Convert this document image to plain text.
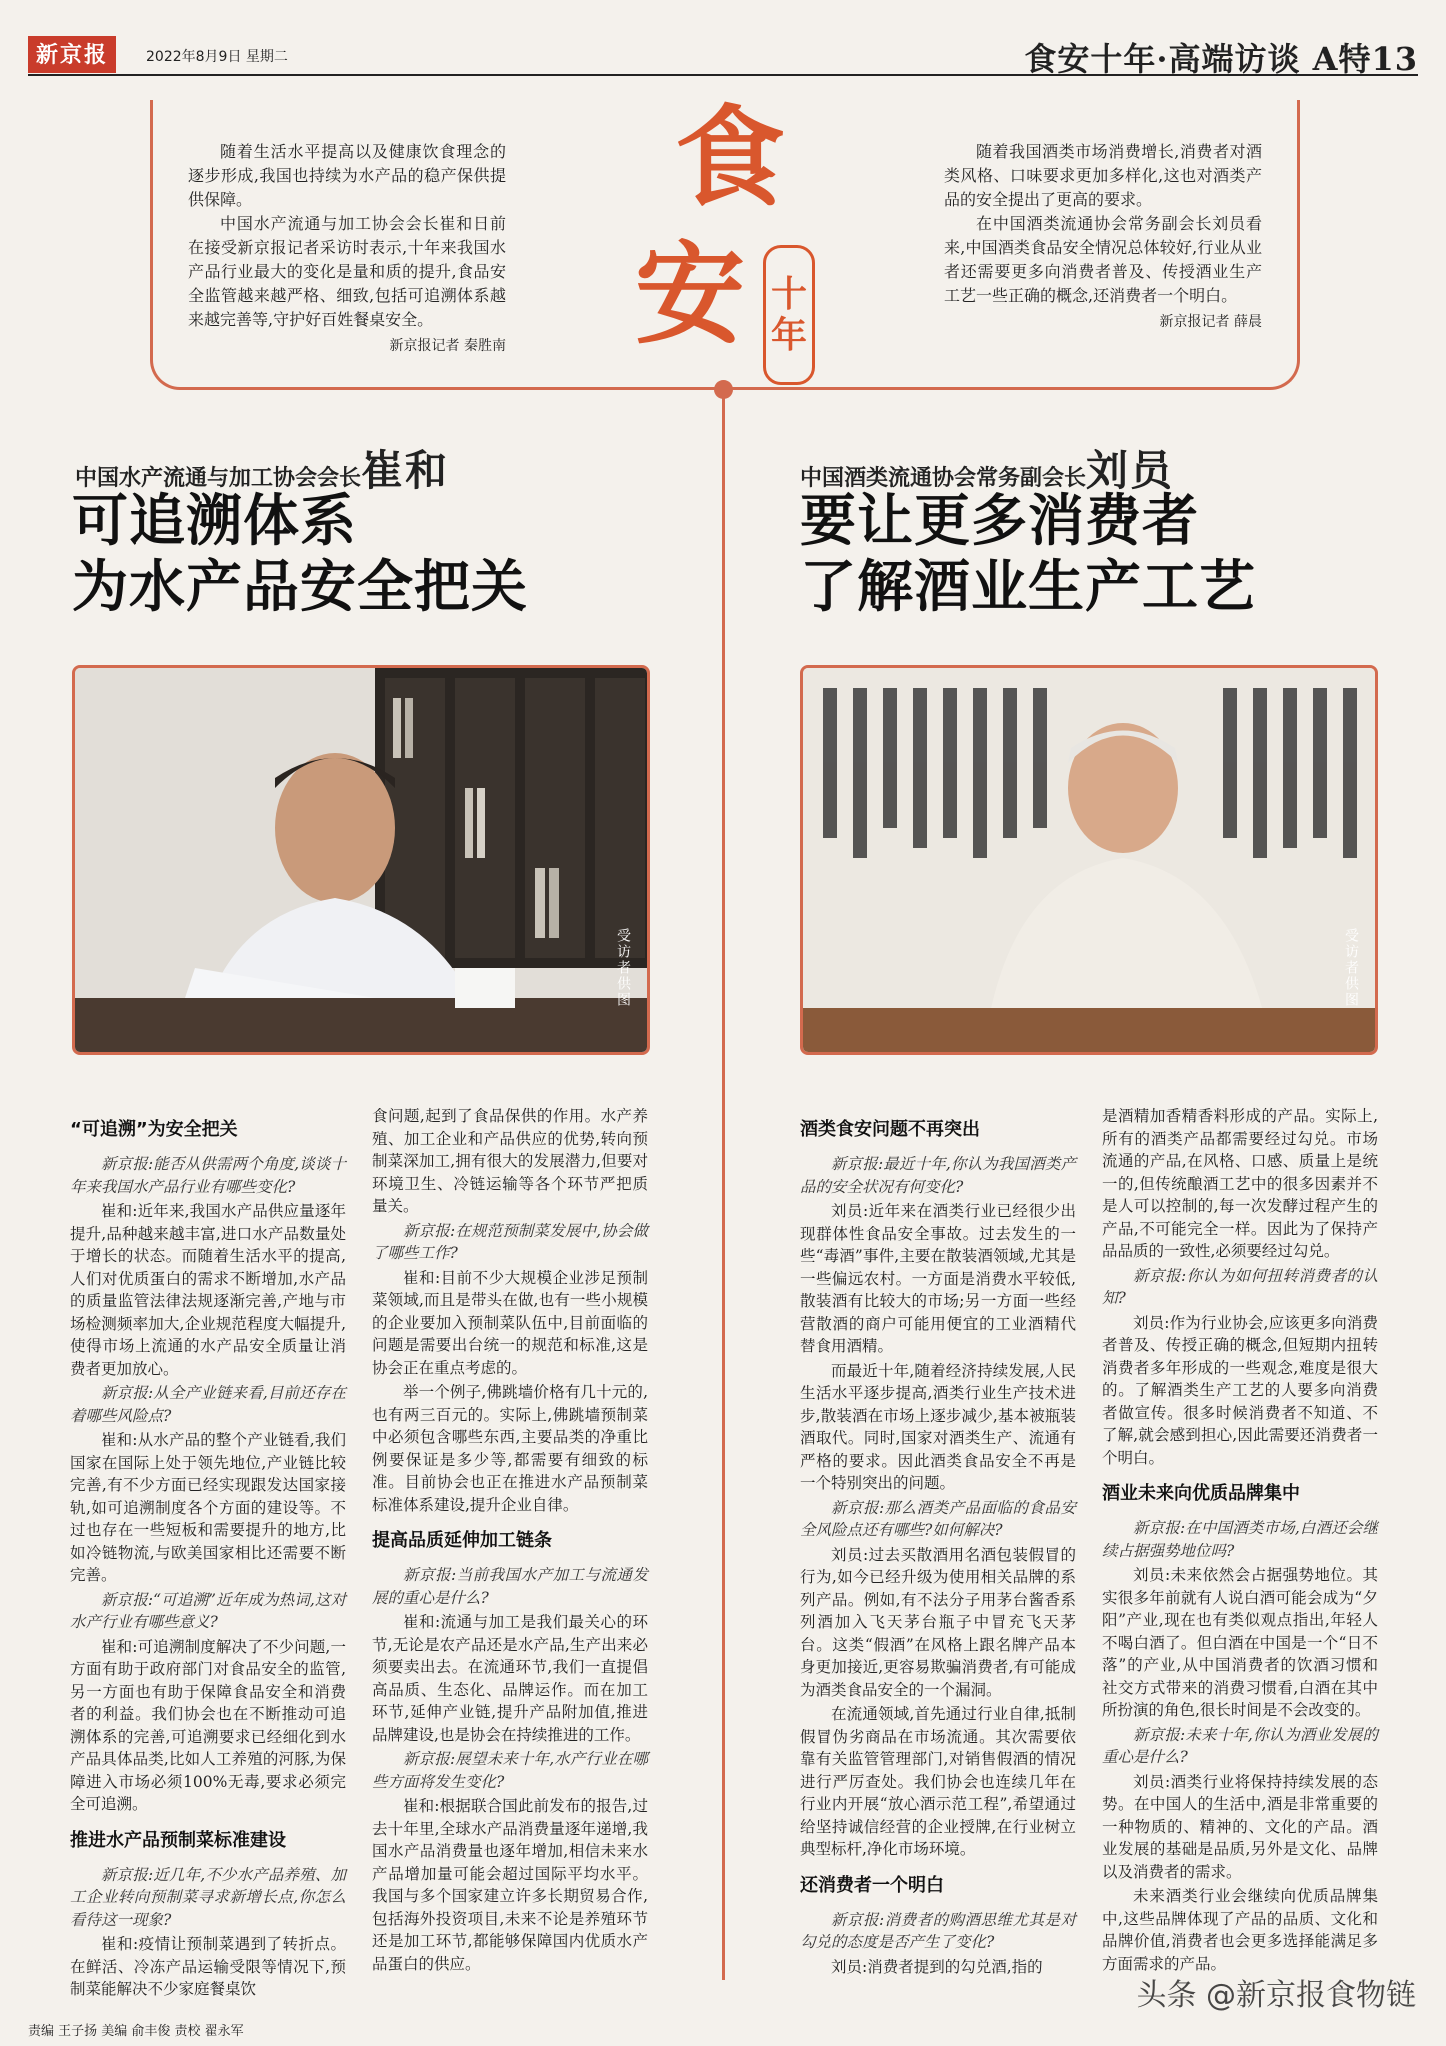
新京报	2022年8月9日 星期二	食安十年·高端访谈 A特13

随着生活水平提高以及健康饮食理念的逐步形成,我国也持续为水产品的稳产保供提供保障。

中国水产流通与加工协会会长崔和日前在接受新京报记者采访时表示,十年来我国水产品行业最大的变化是量和质的提升,食品安全监管越来越严格、细致,包括可追溯体系越来越完善等,守护好百姓餐桌安全。

新京报记者 秦胜南

食
安 十
年

随着我国酒类市场消费增长,消费者对酒类风格、口味要求更加多样化,这也对酒类产品的安全提出了更高的要求。

在中国酒类流通协会常务副会长刘员看来,中国酒类食品安全情况总体较好,行业从业者还需要更多向消费者普及、传授酒业生产工艺一些正确的概念,还消费者一个明白。

新京报记者 薛晨

中国水产流通与加工协会会长崔和
可追溯体系
为水产品安全把关
中国酒类流通协会常务副会长刘员
要让更多消费者
了解酒业生产工艺
受访者供图	受访者供图
“可追溯”为安全把关

新京报:能否从供需两个角度,谈谈十年来我国水产品行业有哪些变化?

崔和:近年来,我国水产品供应量逐年提升,品种越来越丰富,进口水产品数量处于增长的状态。而随着生活水平的提高,人们对优质蛋白的需求不断增加,水产品的质量监管法律法规逐渐完善,产地与市场检测频率加大,企业规范程度大幅提升,使得市场上流通的水产品安全质量让消费者更加放心。

新京报:从全产业链来看,目前还存在着哪些风险点?

崔和:从水产品的整个产业链看,我们国家在国际上处于领先地位,产业链比较完善,有不少方面已经实现跟发达国家接轨,如可追溯制度各个方面的建设等。不过也存在一些短板和需要提升的地方,比如冷链物流,与欧美国家相比还需要不断完善。

新京报:“可追溯”近年成为热词,这对水产行业有哪些意义?

崔和:可追溯制度解决了不少问题,一方面有助于政府部门对食品安全的监管,另一方面也有助于保障食品安全和消费者的利益。我们协会也在不断推动可追溯体系的完善,可追溯要求已经细化到水产品具体品类,比如人工养殖的河豚,为保障进入市场必须100%无毒,要求必须完全可追溯。

推进水产品预制菜标准建设

新京报:近几年,不少水产品养殖、加工企业转向预制菜寻求新增长点,你怎么看待这一现象?

崔和:疫情让预制菜遇到了转折点。在鲜活、冷冻产品运输受限等情况下,预制菜能解决不少家庭餐桌饮

食问题,起到了食品保供的作用。水产养殖、加工企业和产品供应的优势,转向预制菜深加工,拥有很大的发展潜力,但要对环境卫生、冷链运输等各个环节严把质量关。

新京报:在规范预制菜发展中,协会做了哪些工作?

崔和:目前不少大规模企业涉足预制菜领域,而且是带头在做,也有一些小规模的企业要加入预制菜队伍中,目前面临的问题是需要出台统一的规范和标准,这是协会正在重点考虑的。

举一个例子,佛跳墙价格有几十元的,也有两三百元的。实际上,佛跳墙预制菜中必须包含哪些东西,主要品类的净重比例要保证是多少等,都需要有细致的标准。目前协会也正在推进水产品预制菜标准体系建设,提升企业自律。

提高品质延伸加工链条

新京报:当前我国水产加工与流通发展的重心是什么?

崔和:流通与加工是我们最关心的环节,无论是农产品还是水产品,生产出来必须要卖出去。在流通环节,我们一直提倡高品质、生态化、品牌运作。而在加工环节,延伸产业链,提升产品附加值,推进品牌建设,也是协会在持续推进的工作。

新京报:展望未来十年,水产行业在哪些方面将发生变化?

崔和:根据联合国此前发布的报告,过去十年里,全球水产品消费量逐年递增,我国水产品消费量也逐年增加,相信未来水产品增加量可能会超过国际平均水平。我国与多个国家建立许多长期贸易合作,包括海外投资项目,未来不论是养殖环节还是加工环节,都能够保障国内优质水产品蛋白的供应。

酒类食安问题不再突出

新京报:最近十年,你认为我国酒类产品的安全状况有何变化?

刘员:近年来在酒类行业已经很少出现群体性食品安全事故。过去发生的一些“毒酒”事件,主要在散装酒领域,尤其是一些偏远农村。一方面是消费水平较低,散装酒有比较大的市场;另一方面一些经营散酒的商户可能用便宜的工业酒精代替食用酒精。

而最近十年,随着经济持续发展,人民生活水平逐步提高,酒类行业生产技术进步,散装酒在市场上逐步减少,基本被瓶装酒取代。同时,国家对酒类生产、流通有严格的要求。因此酒类食品安全不再是一个特别突出的问题。

新京报:那么酒类产品面临的食品安全风险点还有哪些?如何解决?

刘员:过去买散酒用名酒包装假冒的行为,如今已经升级为使用相关品牌的系列产品。例如,有不法分子用茅台酱香系列酒加入飞天茅台瓶子中冒充飞天茅台。这类“假酒”在风格上跟名牌产品本身更加接近,更容易欺骗消费者,有可能成为酒类食品安全的一个漏洞。

在流通领域,首先通过行业自律,抵制假冒伪劣商品在市场流通。其次需要依靠有关监管管理部门,对销售假酒的情况进行严厉查处。我们协会也连续几年在行业内开展“放心酒示范工程”,希望通过给坚持诚信经营的企业授牌,在行业树立典型标杆,净化市场环境。

还消费者一个明白

新京报:消费者的购酒思维尤其是对勾兑的态度是否产生了变化?

刘员:消费者提到的勾兑酒,指的

是酒精加香精香料形成的产品。实际上,所有的酒类产品都需要经过勾兑。市场流通的产品,在风格、口感、质量上是统一的,但传统酿酒工艺中的很多因素并不是人可以控制的,每一次发酵过程产生的产品,不可能完全一样。因此为了保持产品品质的一致性,必须要经过勾兑。

新京报:你认为如何扭转消费者的认知?

刘员:作为行业协会,应该更多向消费者普及、传授正确的概念,但短期内扭转消费者多年形成的一些观念,难度是很大的。了解酒类生产工艺的人要多向消费者做宣传。很多时候消费者不知道、不了解,就会感到担心,因此需要还消费者一个明白。

酒业未来向优质品牌集中

新京报:在中国酒类市场,白酒还会继续占据强势地位吗?

刘员:未来依然会占据强势地位。其实很多年前就有人说白酒可能会成为“夕阳”产业,现在也有类似观点指出,年轻人不喝白酒了。但白酒在中国是一个“日不落”的产业,从中国消费者的饮酒习惯和社交方式带来的消费习惯看,白酒在其中所扮演的角色,很长时间是不会改变的。

新京报:未来十年,你认为酒业发展的重心是什么?

刘员:酒类行业将保持持续发展的态势。在中国人的生活中,酒是非常重要的一种物质的、精神的、文化的产品。酒业发展的基础是品质,另外是文化、品牌以及消费者的需求。

未来酒类行业会继续向优质品牌集中,这些品牌体现了产品的品质、文化和品牌价值,消费者也会更多选择能满足多方面需求的产品。

责编 王子扬 美编 俞丰俊 责校 翟永军
头条 @新京报食物链
